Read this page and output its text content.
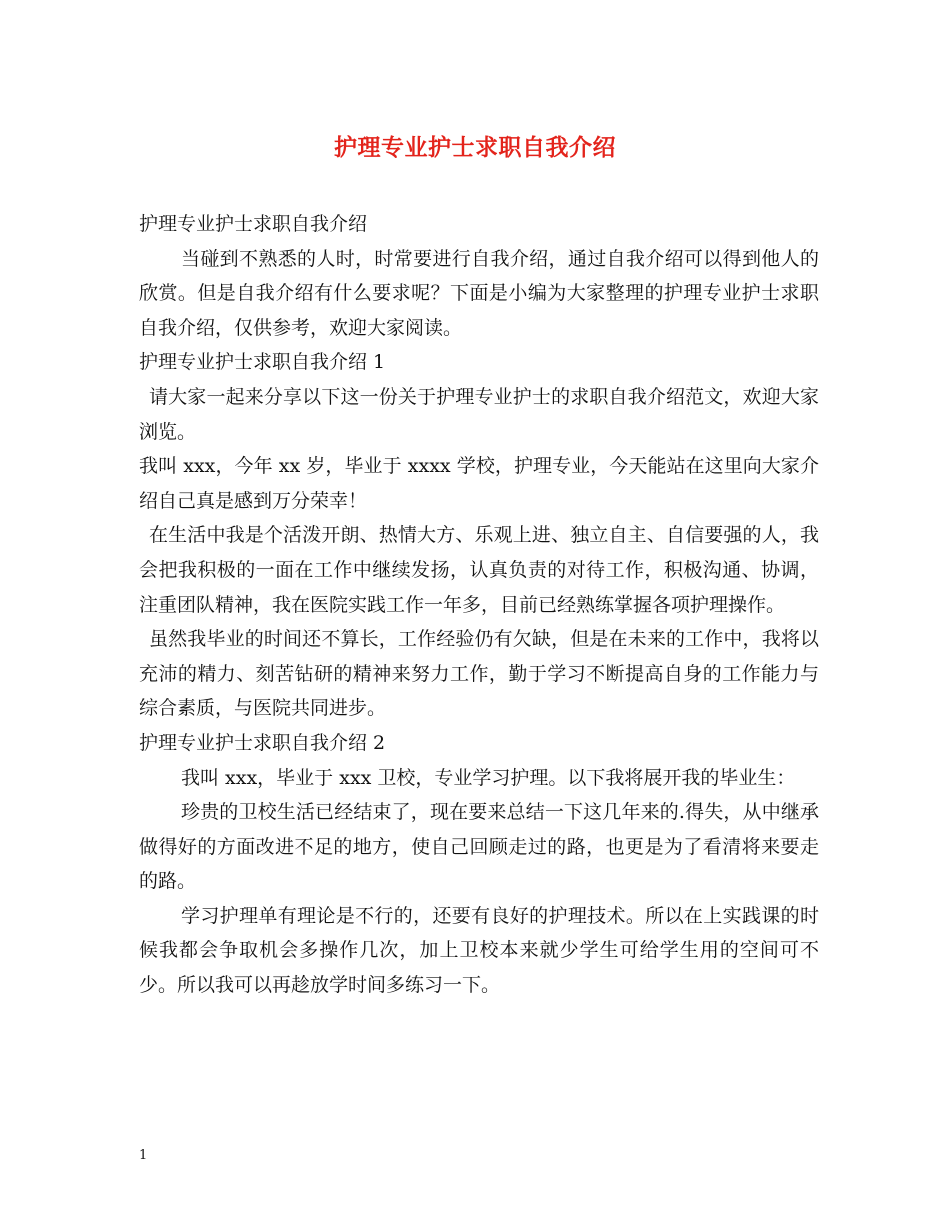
护理专业护士求职自我介绍

护理专业护士求职自我介绍

当碰到不熟悉的人时，时常要进行自我介绍，通过自我介绍可以得到他人的欣赏。但是自我介绍有什么要求呢？下面是小编为大家整理的护理专业护士求职自我介绍，仅供参考，欢迎大家阅读。

护理专业护士求职自我介绍 1

请大家一起来分享以下这一份关于护理专业护士的求职自我介绍范文，欢迎大家浏览。

我叫 xxx，今年 xx 岁，毕业于 xxxx 学校，护理专业，今天能站在这里向大家介绍自己真是感到万分荣幸！

在生活中我是个活泼开朗、热情大方、乐观上进、独立自主、自信要强的人，我会把我积极的一面在工作中继续发扬，认真负责的对待工作，积极沟通、协调，注重团队精神，我在医院实践工作一年多，目前已经熟练掌握各项护理操作。

虽然我毕业的时间还不算长，工作经验仍有欠缺，但是在未来的工作中，我将以充沛的精力、刻苦钻研的精神来努力工作，勤于学习不断提高自身的工作能力与综合素质，与医院共同进步。

护理专业护士求职自我介绍 2

我叫 xxx，毕业于 xxx 卫校，专业学习护理。以下我将展开我的毕业生：

珍贵的卫校生活已经结束了，现在要来总结一下这几年来的.得失，从中继承做得好的方面改进不足的地方，使自己回顾走过的路，也更是为了看清将来要走的路。

学习护理单有理论是不行的，还要有良好的护理技术。所以在上实践课的时候我都会争取机会多操作几次，加上卫校本来就少学生可给学生用的空间可不少。所以我可以再趁放学时间多练习一下。

1
